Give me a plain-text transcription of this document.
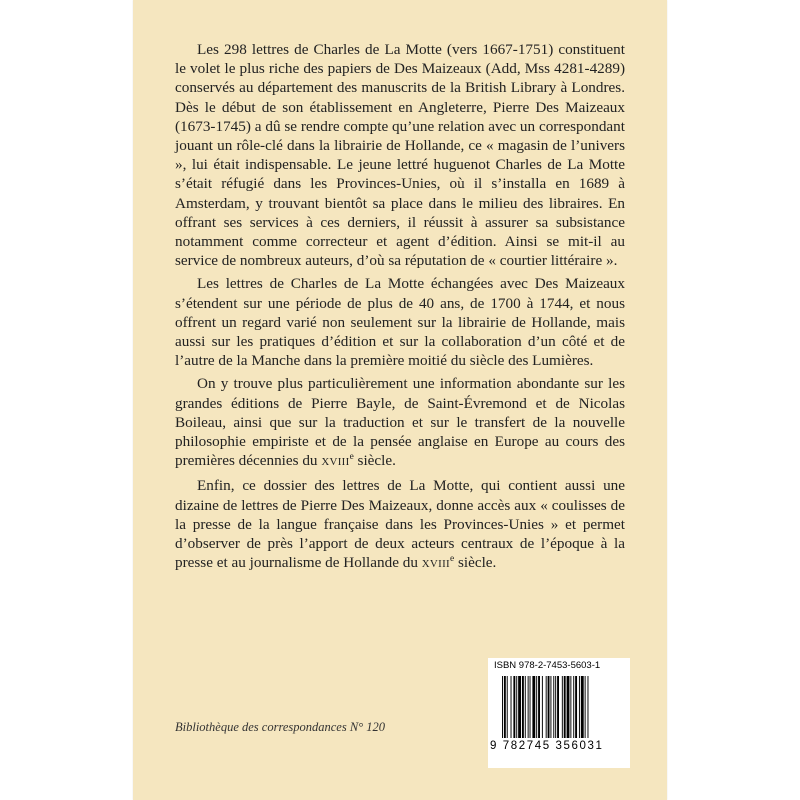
Les 298 lettres de Charles de La Motte (vers 1667-1751) constituent le volet le plus riche des papiers de Des Maizeaux (Add, Mss 4281-4289) conservés au département des manuscrits de la British Library à Londres. Dès le début de son établissement en Angleterre, Pierre Des Maizeaux (1673-1745) a dû se rendre compte qu’une relation avec un correspondant jouant un rôle-clé dans la librairie de Hollande, ce « magasin de l’univers », lui était indispensable. Le jeune lettré huguenot Charles de La Motte s’était réfugié dans les Provinces-Unies, où il s’installa en 1689 à Amsterdam, y trouvant bientôt sa place dans le milieu des libraires. En offrant ses services à ces derniers, il réussit à assurer sa subsistance notamment comme correcteur et agent d’édition. Ainsi se mit-il au service de nombreux auteurs, d’où sa réputation de « courtier littéraire ».

Les lettres de Charles de La Motte échangées avec Des Maizeaux s’étendent sur une période de plus de 40 ans, de 1700 à 1744, et nous offrent un regard varié non seulement sur la librairie de Hollande, mais aussi sur les pratiques d’édition et sur la collaboration d’un côté et de l’autre de la Manche dans la première moitié du siècle des Lumières.

On y trouve plus particulièrement une information abondante sur les grandes éditions de Pierre Bayle, de Saint-Évremond et de Nicolas Boileau, ainsi que sur la traduction et sur le transfert de la nouvelle philosophie empiriste et de la pensée anglaise en Europe au cours des premières décennies du XVIIIe siècle.

Enfin, ce dossier des lettres de La Motte, qui contient aussi une dizaine de lettres de Pierre Des Maizeaux, donne accès aux « coulisses de la presse de la langue française dans les Provinces-Unies » et permet d’observer de près l’apport de deux acteurs centraux de l’époque à la presse et au journalisme de Hollande du XVIIIe siècle.

Bibliothèque des correspondances N° 120
ISBN 978-2-7453-5603-1
9 782745 356031
